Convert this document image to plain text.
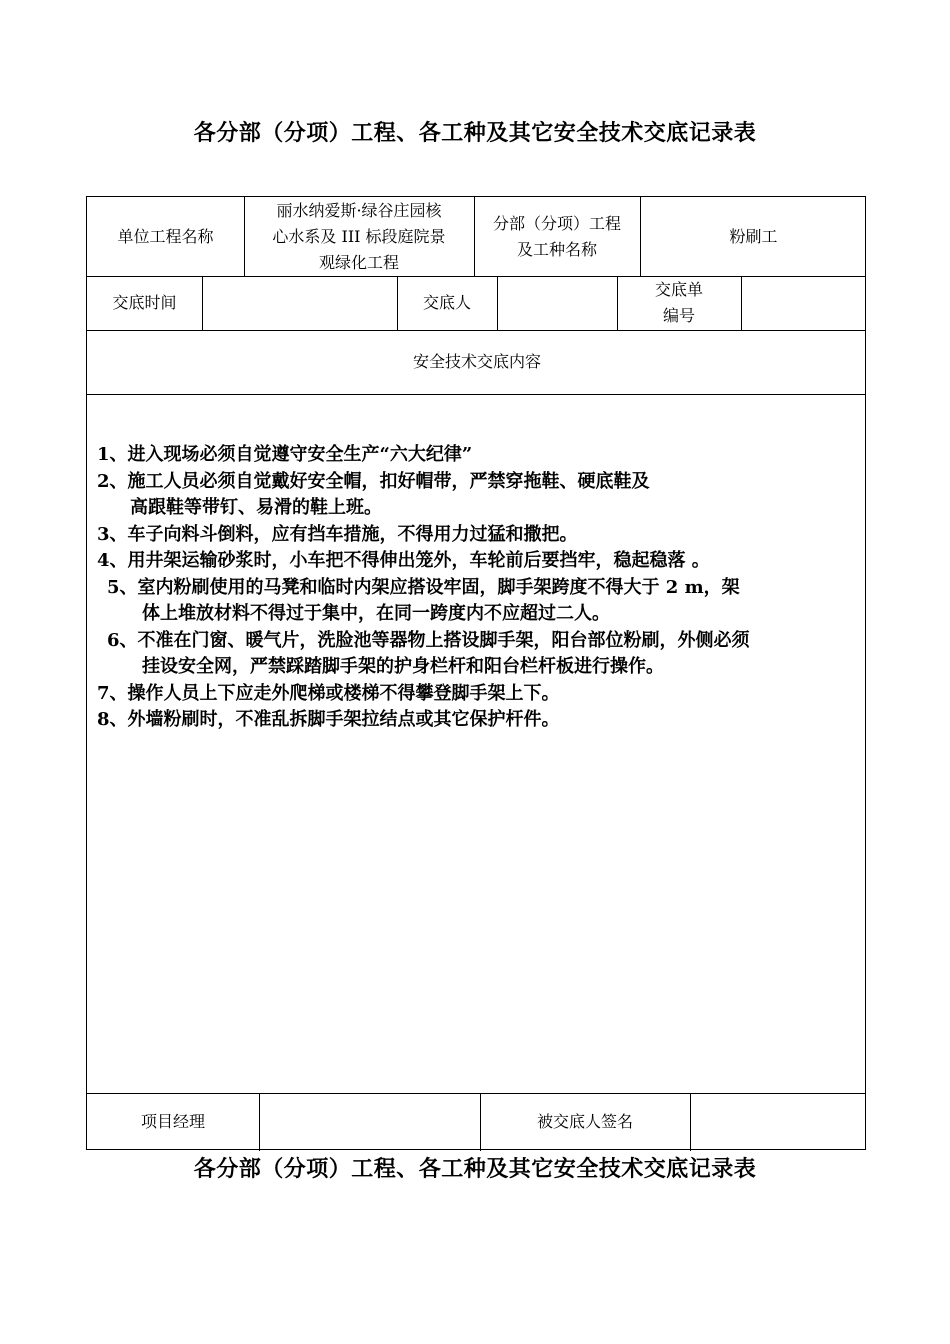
各分部（分项）工程、各工种及其它安全技术交底记录表
单位工程名称
丽水纳爱斯·绿谷庄园核
心水系及 III 标段庭院景
观绿化工程
分部（分项）工程
及工种名称
粉刷工
交底时间	交底人
交底单
编号
安全技术交底内容
1、进入现场必须自觉遵守安全生产“六大纪律”
2、施工人员必须自觉戴好安全帽，扣好帽带，严禁穿拖鞋、硬底鞋及
高跟鞋等带钉、易滑的鞋上班。
3、车子向料斗倒料，应有挡车措施，不得用力过猛和撒把。
4、用井架运输砂浆时，小车把不得伸出笼外，车轮前后要挡牢，稳起稳落 。
5、室内粉刷使用的马凳和临时内架应搭设牢固，脚手架跨度不得大于 2 m，架
体上堆放材料不得过于集中，在同一跨度内不应超过二人。
6、不准在门窗、暖气片，洗脸池等器物上搭设脚手架，阳台部位粉刷，外侧必须
挂设安全网，严禁踩踏脚手架的护身栏杆和阳台栏杆板进行操作。
7、操作人员上下应走外爬梯或楼梯不得攀登脚手架上下。
8、外墙粉刷时，不准乱拆脚手架拉结点或其它保护杆件。
项目经理	被交底人签名
各分部（分项）工程、各工种及其它安全技术交底记录表
